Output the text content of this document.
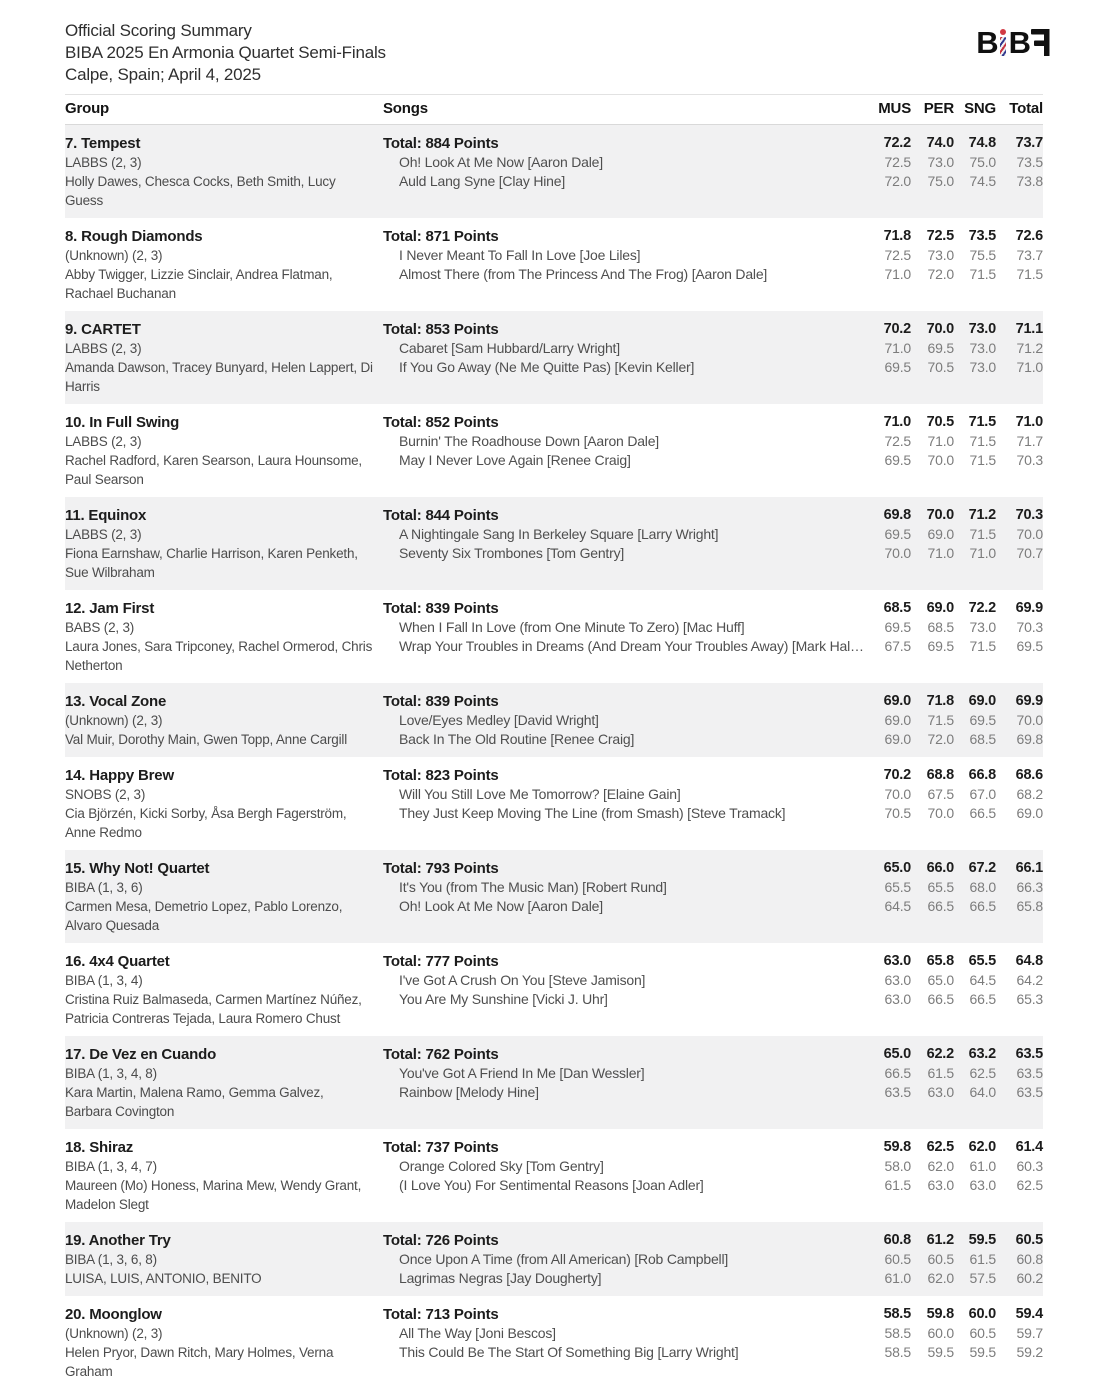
Official Scoring Summary
BIBA 2025 En Armonia Quartet Semi-Finals
Calpe, Spain; April 4, 2025
B B
Group	Songs	MUS PER SNG Total
7. Tempest
LABBS (2, 3)
Holly Dawes, Chesca Cocks, Beth Smith, Lucy Guess
Total: 884 Points
Oh! Look At Me Now [Aaron Dale]
Auld Lang Syne [Clay Hine]
72.2
72.5
72.0
74.0
73.0
75.0
74.8
75.0
74.5
73.7
73.5
73.8
8. Rough Diamonds
(Unknown) (2, 3)
Abby Twigger, Lizzie Sinclair, Andrea Flatman, Rachael Buchanan
Total: 871 Points
I Never Meant To Fall In Love [Joe Liles]
Almost There (from The Princess And The Frog) [Aaron Dale]
71.8
72.5
71.0
72.5
73.0
72.0
73.5
75.5
71.5
72.6
73.7
71.5
9. CARTET
LABBS (2, 3)
Amanda Dawson, Tracey Bunyard, Helen Lappert, Di Harris
Total: 853 Points
Cabaret [Sam Hubbard/Larry Wright]
If You Go Away (Ne Me Quitte Pas) [Kevin Keller]
70.2
71.0
69.5
70.0
69.5
70.5
73.0
73.0
73.0
71.1
71.2
71.0
10. In Full Swing
LABBS (2, 3)
Rachel Radford, Karen Searson, Laura Hounsome, Paul Searson
Total: 852 Points
Burnin' The Roadhouse Down [Aaron Dale]
May I Never Love Again [Renee Craig]
71.0
72.5
69.5
70.5
71.0
70.0
71.5
71.5
71.5
71.0
71.7
70.3
11. Equinox
LABBS (2, 3)
Fiona Earnshaw, Charlie Harrison, Karen Penketh, Sue Wilbraham
Total: 844 Points
A Nightingale Sang In Berkeley Square [Larry Wright]
Seventy Six Trombones [Tom Gentry]
69.8
69.5
70.0
70.0
69.0
71.0
71.2
71.5
71.0
70.3
70.0
70.7
12. Jam First
BABS (2, 3)
Laura Jones, Sara Tripconey, Rachel Ormerod, Chris Netherton
Total: 839 Points
When I Fall In Love (from One Minute To Zero) [Mac Huff]
Wrap Your Troubles in Dreams (And Dream Your Troubles Away) [Mark Hal…
68.5
69.5
67.5
69.0
68.5
69.5
72.2
73.0
71.5
69.9
70.3
69.5
13. Vocal Zone
(Unknown) (2, 3)
Val Muir, Dorothy Main, Gwen Topp, Anne Cargill
Total: 839 Points
Love/Eyes Medley [David Wright]
Back In The Old Routine [Renee Craig]
69.0
69.0
69.0
71.8
71.5
72.0
69.0
69.5
68.5
69.9
70.0
69.8
14. Happy Brew
SNOBS (2, 3)
Cia Björzén, Kicki Sorby, Åsa Bergh Fagerström, Anne Redmo
Total: 823 Points
Will You Still Love Me Tomorrow? [Elaine Gain]
They Just Keep Moving The Line (from Smash) [Steve Tramack]
70.2
70.0
70.5
68.8
67.5
70.0
66.8
67.0
66.5
68.6
68.2
69.0
15. Why Not! Quartet
BIBA (1, 3, 6)
Carmen Mesa, Demetrio Lopez, Pablo Lorenzo, Alvaro Quesada
Total: 793 Points
It's You (from The Music Man) [Robert Rund]
Oh! Look At Me Now [Aaron Dale]
65.0
65.5
64.5
66.0
65.5
66.5
67.2
68.0
66.5
66.1
66.3
65.8
16. 4x4 Quartet
BIBA (1, 3, 4)
Cristina Ruiz Balmaseda, Carmen Martínez Núñez, Patricia Contreras Tejada, Laura Romero Chust
Total: 777 Points
I've Got A Crush On You [Steve Jamison]
You Are My Sunshine [Vicki J. Uhr]
63.0
63.0
63.0
65.8
65.0
66.5
65.5
64.5
66.5
64.8
64.2
65.3
17. De Vez en Cuando
BIBA (1, 3, 4, 8)
Kara Martin, Malena Ramo, Gemma Galvez, Barbara Covington
Total: 762 Points
You've Got A Friend In Me [Dan Wessler]
Rainbow [Melody Hine]
65.0
66.5
63.5
62.2
61.5
63.0
63.2
62.5
64.0
63.5
63.5
63.5
18. Shiraz
BIBA (1, 3, 4, 7)
Maureen (Mo) Honess, Marina Mew, Wendy Grant, Madelon Slegt
Total: 737 Points
Orange Colored Sky [Tom Gentry]
(I Love You) For Sentimental Reasons [Joan Adler]
59.8
58.0
61.5
62.5
62.0
63.0
62.0
61.0
63.0
61.4
60.3
62.5
19. Another Try
BIBA (1, 3, 6, 8)
LUISA, LUIS, ANTONIO, BENITO
Total: 726 Points
Once Upon A Time (from All American) [Rob Campbell]
Lagrimas Negras [Jay Dougherty]
60.8
60.5
61.0
61.2
60.5
62.0
59.5
61.5
57.5
60.5
60.8
60.2
20. Moonglow
(Unknown) (2, 3)
Helen Pryor, Dawn Ritch, Mary Holmes, Verna Graham
Total: 713 Points
All The Way [Joni Bescos]
This Could Be The Start Of Something Big [Larry Wright]
58.5
58.5
58.5
59.8
60.0
59.5
60.0
60.5
59.5
59.4
59.7
59.2
